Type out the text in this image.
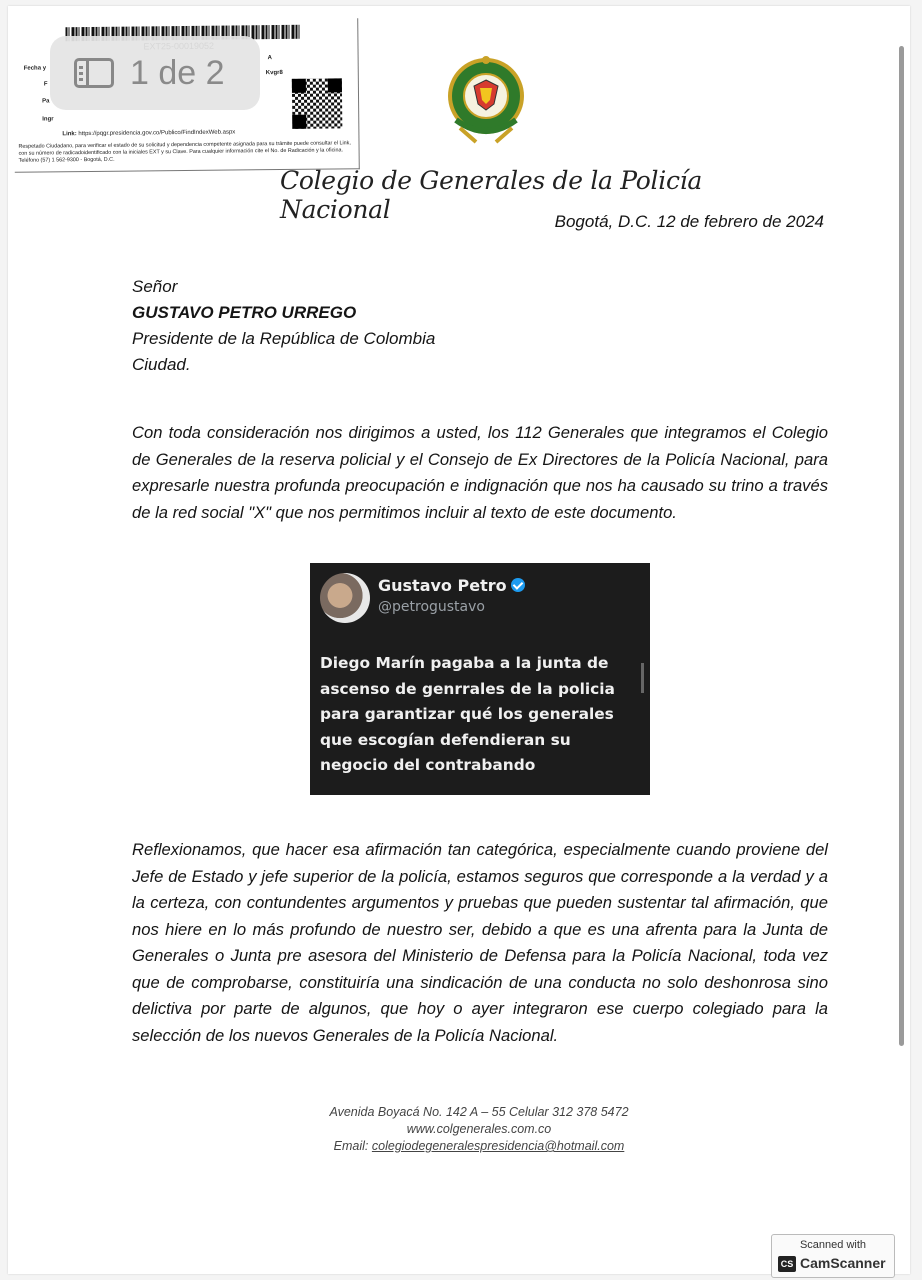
Fecha y
F
Pa
Ingr
A
Kvgr8
Link: https://pqgr.presidencia.gov.co/Publico/FindIndexWeb.aspx
Respetado Ciudadano, para verificar el estado de su solicitud y dependencia competente asignada para su trámite puede consultar el Link, con su número de radicadoidentificado con la iniciales EXT y su Clave. Para cualquier información cite el No. de Radicación y la oficina. Teléfono (57) 1 562-9300 - Bogotá, D.C.
Colegio de Generales de la Policía Nacional
1 de 2
Bogotá, D.C. 12 de febrero de 2024
Señor
GUSTAVO PETRO URREGO
Presidente de la República de Colombia
Ciudad.
Con toda consideración nos dirigimos a usted, los 112 Generales que integramos el Colegio de Generales de la reserva policial y el Consejo de Ex Directores de la Policía Nacional, para expresarle nuestra profunda preocupación e indignación que nos ha causado su trino a través de la red social "X" que nos permitimos incluir al texto de este documento.
Gustavo Petro
@petrogustavo
Diego Marín pagaba a la junta de ascenso de genrrales de la policia para garantizar qué los generales que escogían defendieran su negocio del contrabando
Reflexionamos, que hacer esa afirmación tan categórica, especialmente cuando proviene del Jefe de Estado y jefe superior de la policía, estamos seguros que corresponde a la verdad y a la certeza, con contundentes argumentos y pruebas que pueden sustentar tal afirmación, que nos hiere en lo más profundo de nuestro ser, debido a que es una afrenta para la Junta de Generales o Junta pre asesora del Ministerio de Defensa para la Policía Nacional, toda vez que de comprobarse, constituiría una sindicación de una conducta no solo deshonrosa sino delictiva por parte de algunos, que hoy o ayer integraron ese cuerpo colegiado para la selección de los nuevos Generales de la Policía Nacional.
Avenida Boyacá No. 142 A – 55 Celular 312 378 5472
www.colgenerales.com.co
Email: colegiodegeneralespresidencia@hotmail.com
Scanned with
CS CamScanner
